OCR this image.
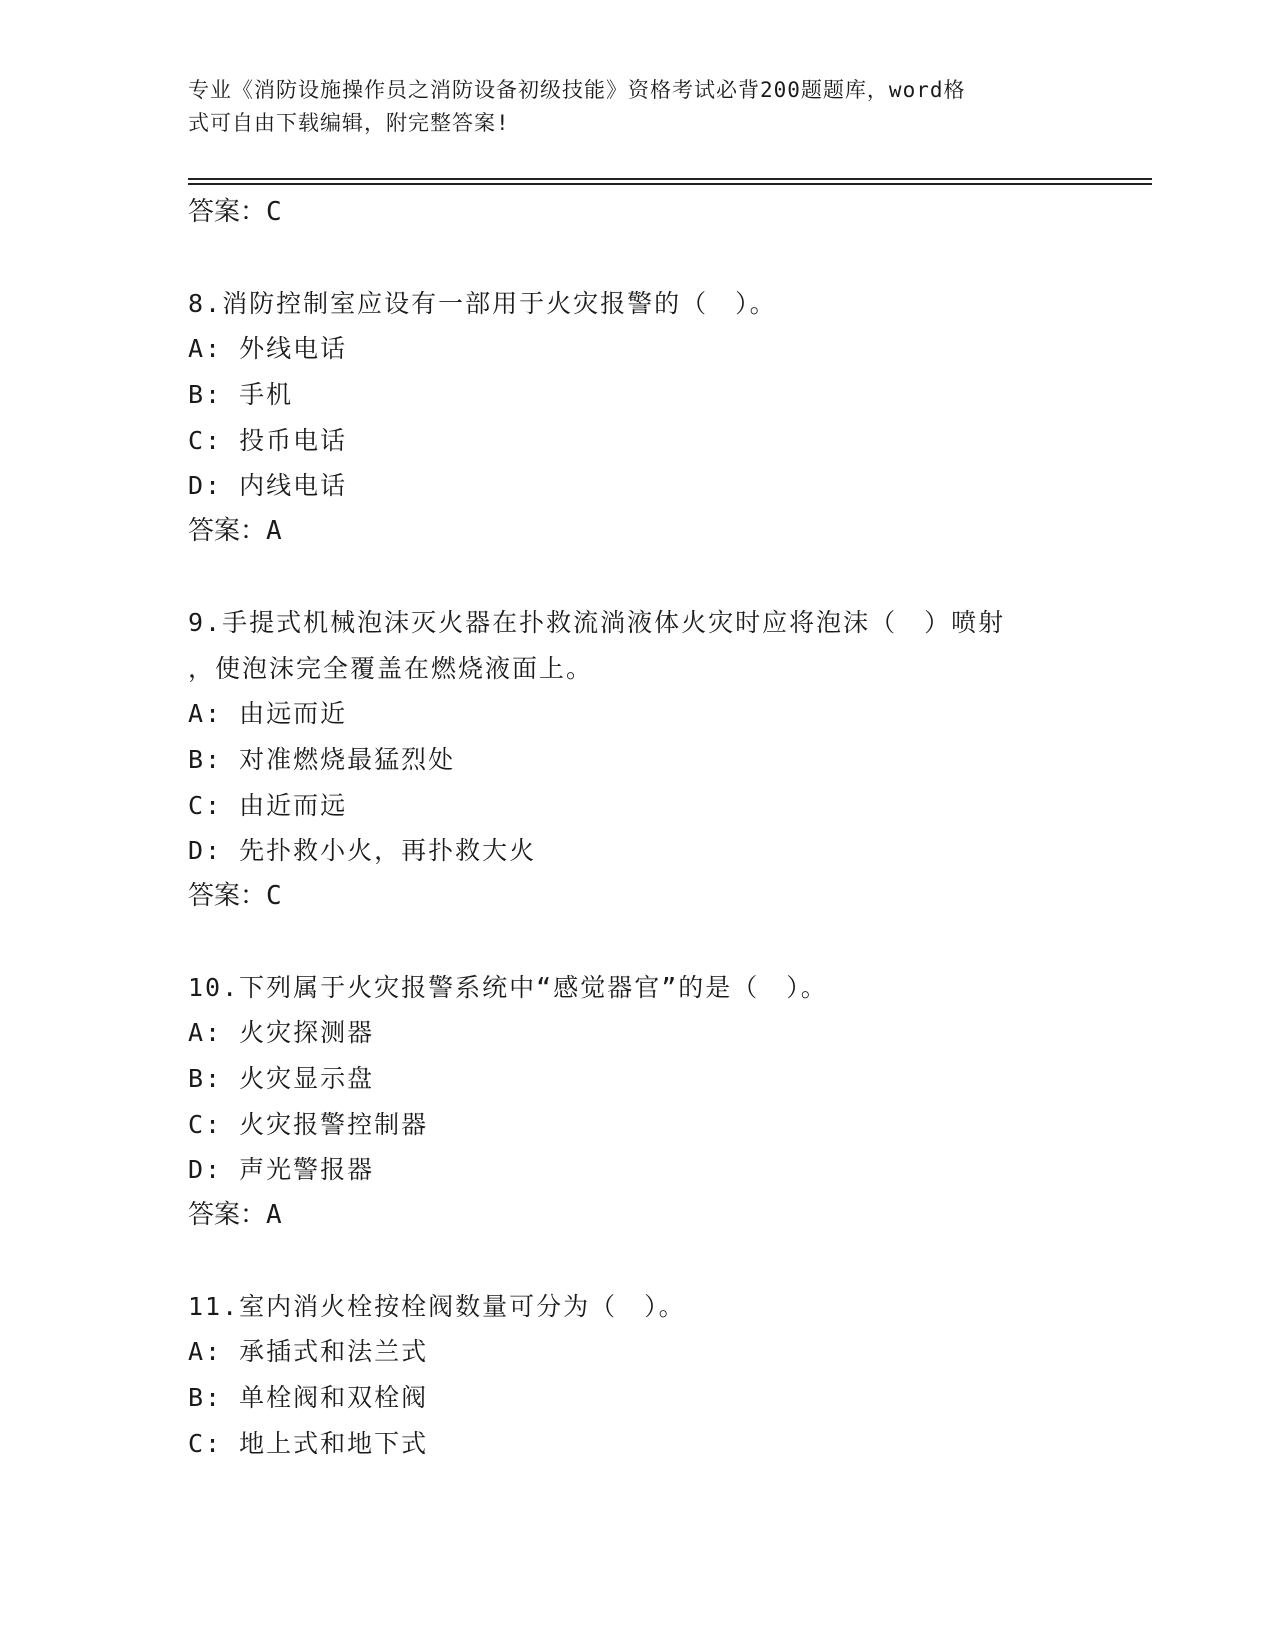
专业《消防设施操作员之消防设备初级技能》资格考试必背200题题库，word格
式可自由下载编辑，附完整答案!
答案：C
8.消防控制室应设有一部用于火灾报警的（　）。
A: 外线电话
B: 手机
C: 投币电话
D: 内线电话
答案：A
9.手提式机械泡沫灭火器在扑救流淌液体火灾时应将泡沫（　）喷射
，使泡沫完全覆盖在燃烧液面上。
A: 由远而近
B: 对准燃烧最猛烈处
C: 由近而远
D: 先扑救小火，再扑救大火
答案：C
10.下列属于火灾报警系统中“感觉器官”的是（　）。
A: 火灾探测器
B: 火灾显示盘
C: 火灾报警控制器
D: 声光警报器
答案：A
11.室内消火栓按栓阀数量可分为（　）。
A: 承插式和法兰式
B: 单栓阀和双栓阀
C: 地上式和地下式
